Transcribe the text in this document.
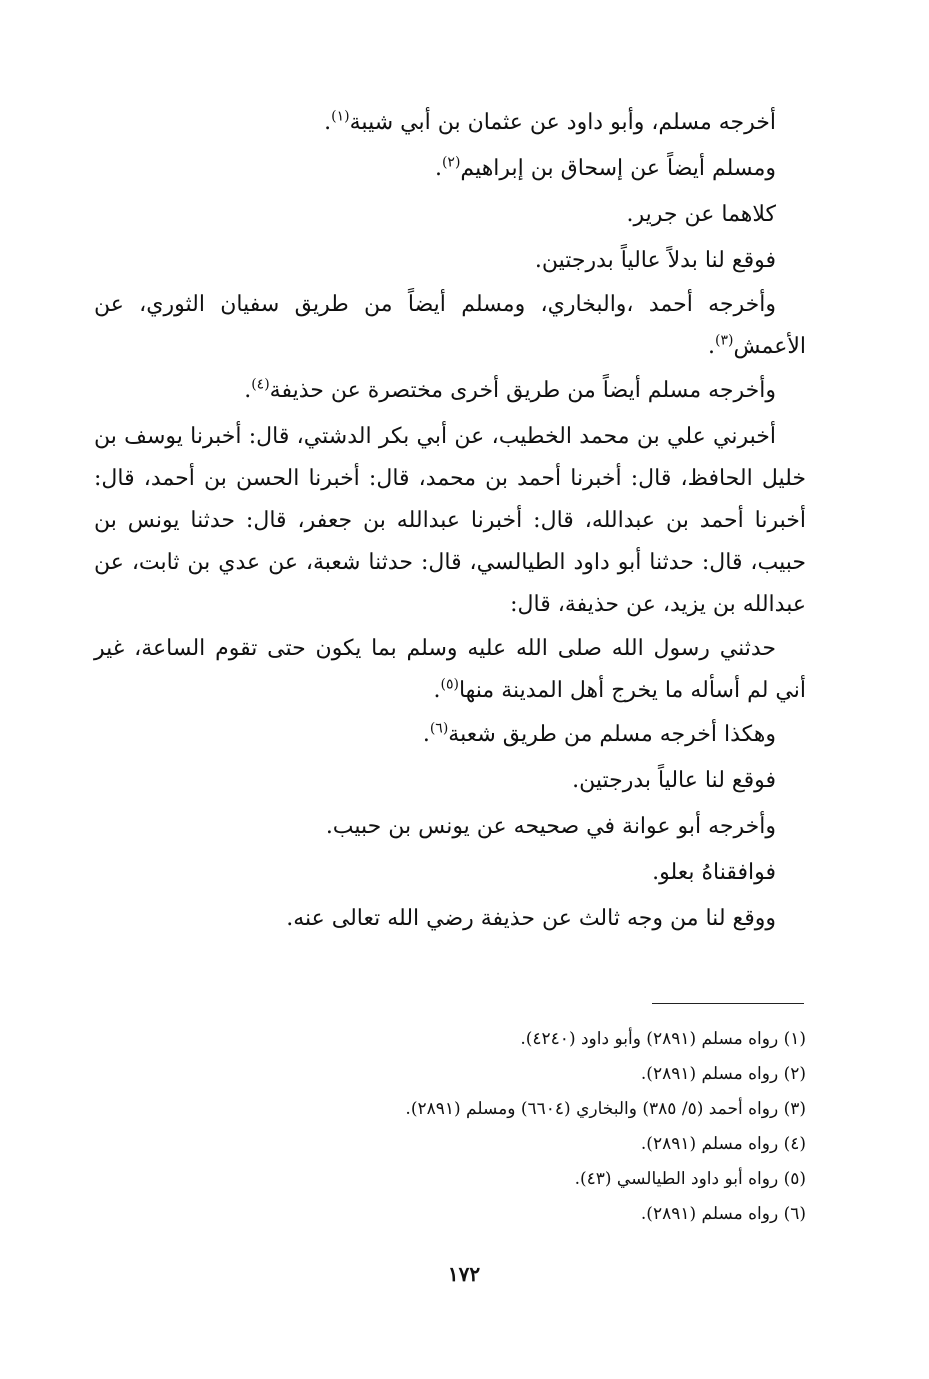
أخرجه مسلم، وأبو داود عن عثمان بن أبي شيبة$^{(١)}$.

ومسلم أيضاً عن إسحاق بن إبراهيم$^{(٢)}$.

كلاهما عن جرير.

فوقع لنا بدلاً عالياً بدرجتين.

وأخرجه أحمد ،والبخاري، ومسلم أيضاً من طريق سفيان الثوري، عن الأعمش$^{(٣)}$.

وأخرجه مسلم أيضاً من طريق أخرى مختصرة عن حذيفة$^{(٤)}$.

أخبرني علي بن محمد الخطيب، عن أبي بكر الدشتي، قال: أخبرنا يوسف بن خليل الحافظ، قال: أخبرنا أحمد بن محمد، قال: أخبرنا الحسن بن أحمد، قال: أخبرنا أحمد بن عبدالله، قال: أخبرنا عبدالله بن جعفر، قال: حدثنا يونس بن حبيب، قال: حدثنا أبو داود الطيالسي، قال: حدثنا شعبة، عن عدي بن ثابت، عن عبدالله بن يزيد، عن حذيفة، قال:

حدثني رسول الله صلى الله عليه وسلم بما يكون حتى تقوم الساعة، غير أني لم أسأله ما يخرج أهل المدينة منها$^{(٥)}$.

وهكذا أخرجه مسلم من طريق شعبة$^{(٦)}$.

فوقع لنا عالياً بدرجتين.

وأخرجه أبو عوانة في صحيحه عن يونس بن حبيب.

فوافقناهُ بعلو.

ووقع لنا من وجه ثالث عن حذيفة رضي الله تعالى عنه.

(١) رواه مسلم (٢٨٩١) وأبو داود (٤٢٤٠).

(٢) رواه مسلم (٢٨٩١).

(٣) رواه أحمد (٥/ ٣٨٥) والبخاري (٦٦٠٤) ومسلم (٢٨٩١).

(٤) رواه مسلم (٢٨٩١).

(٥) رواه أبو داود الطيالسي (٤٣).

(٦) رواه مسلم (٢٨٩١).

١٧٢
